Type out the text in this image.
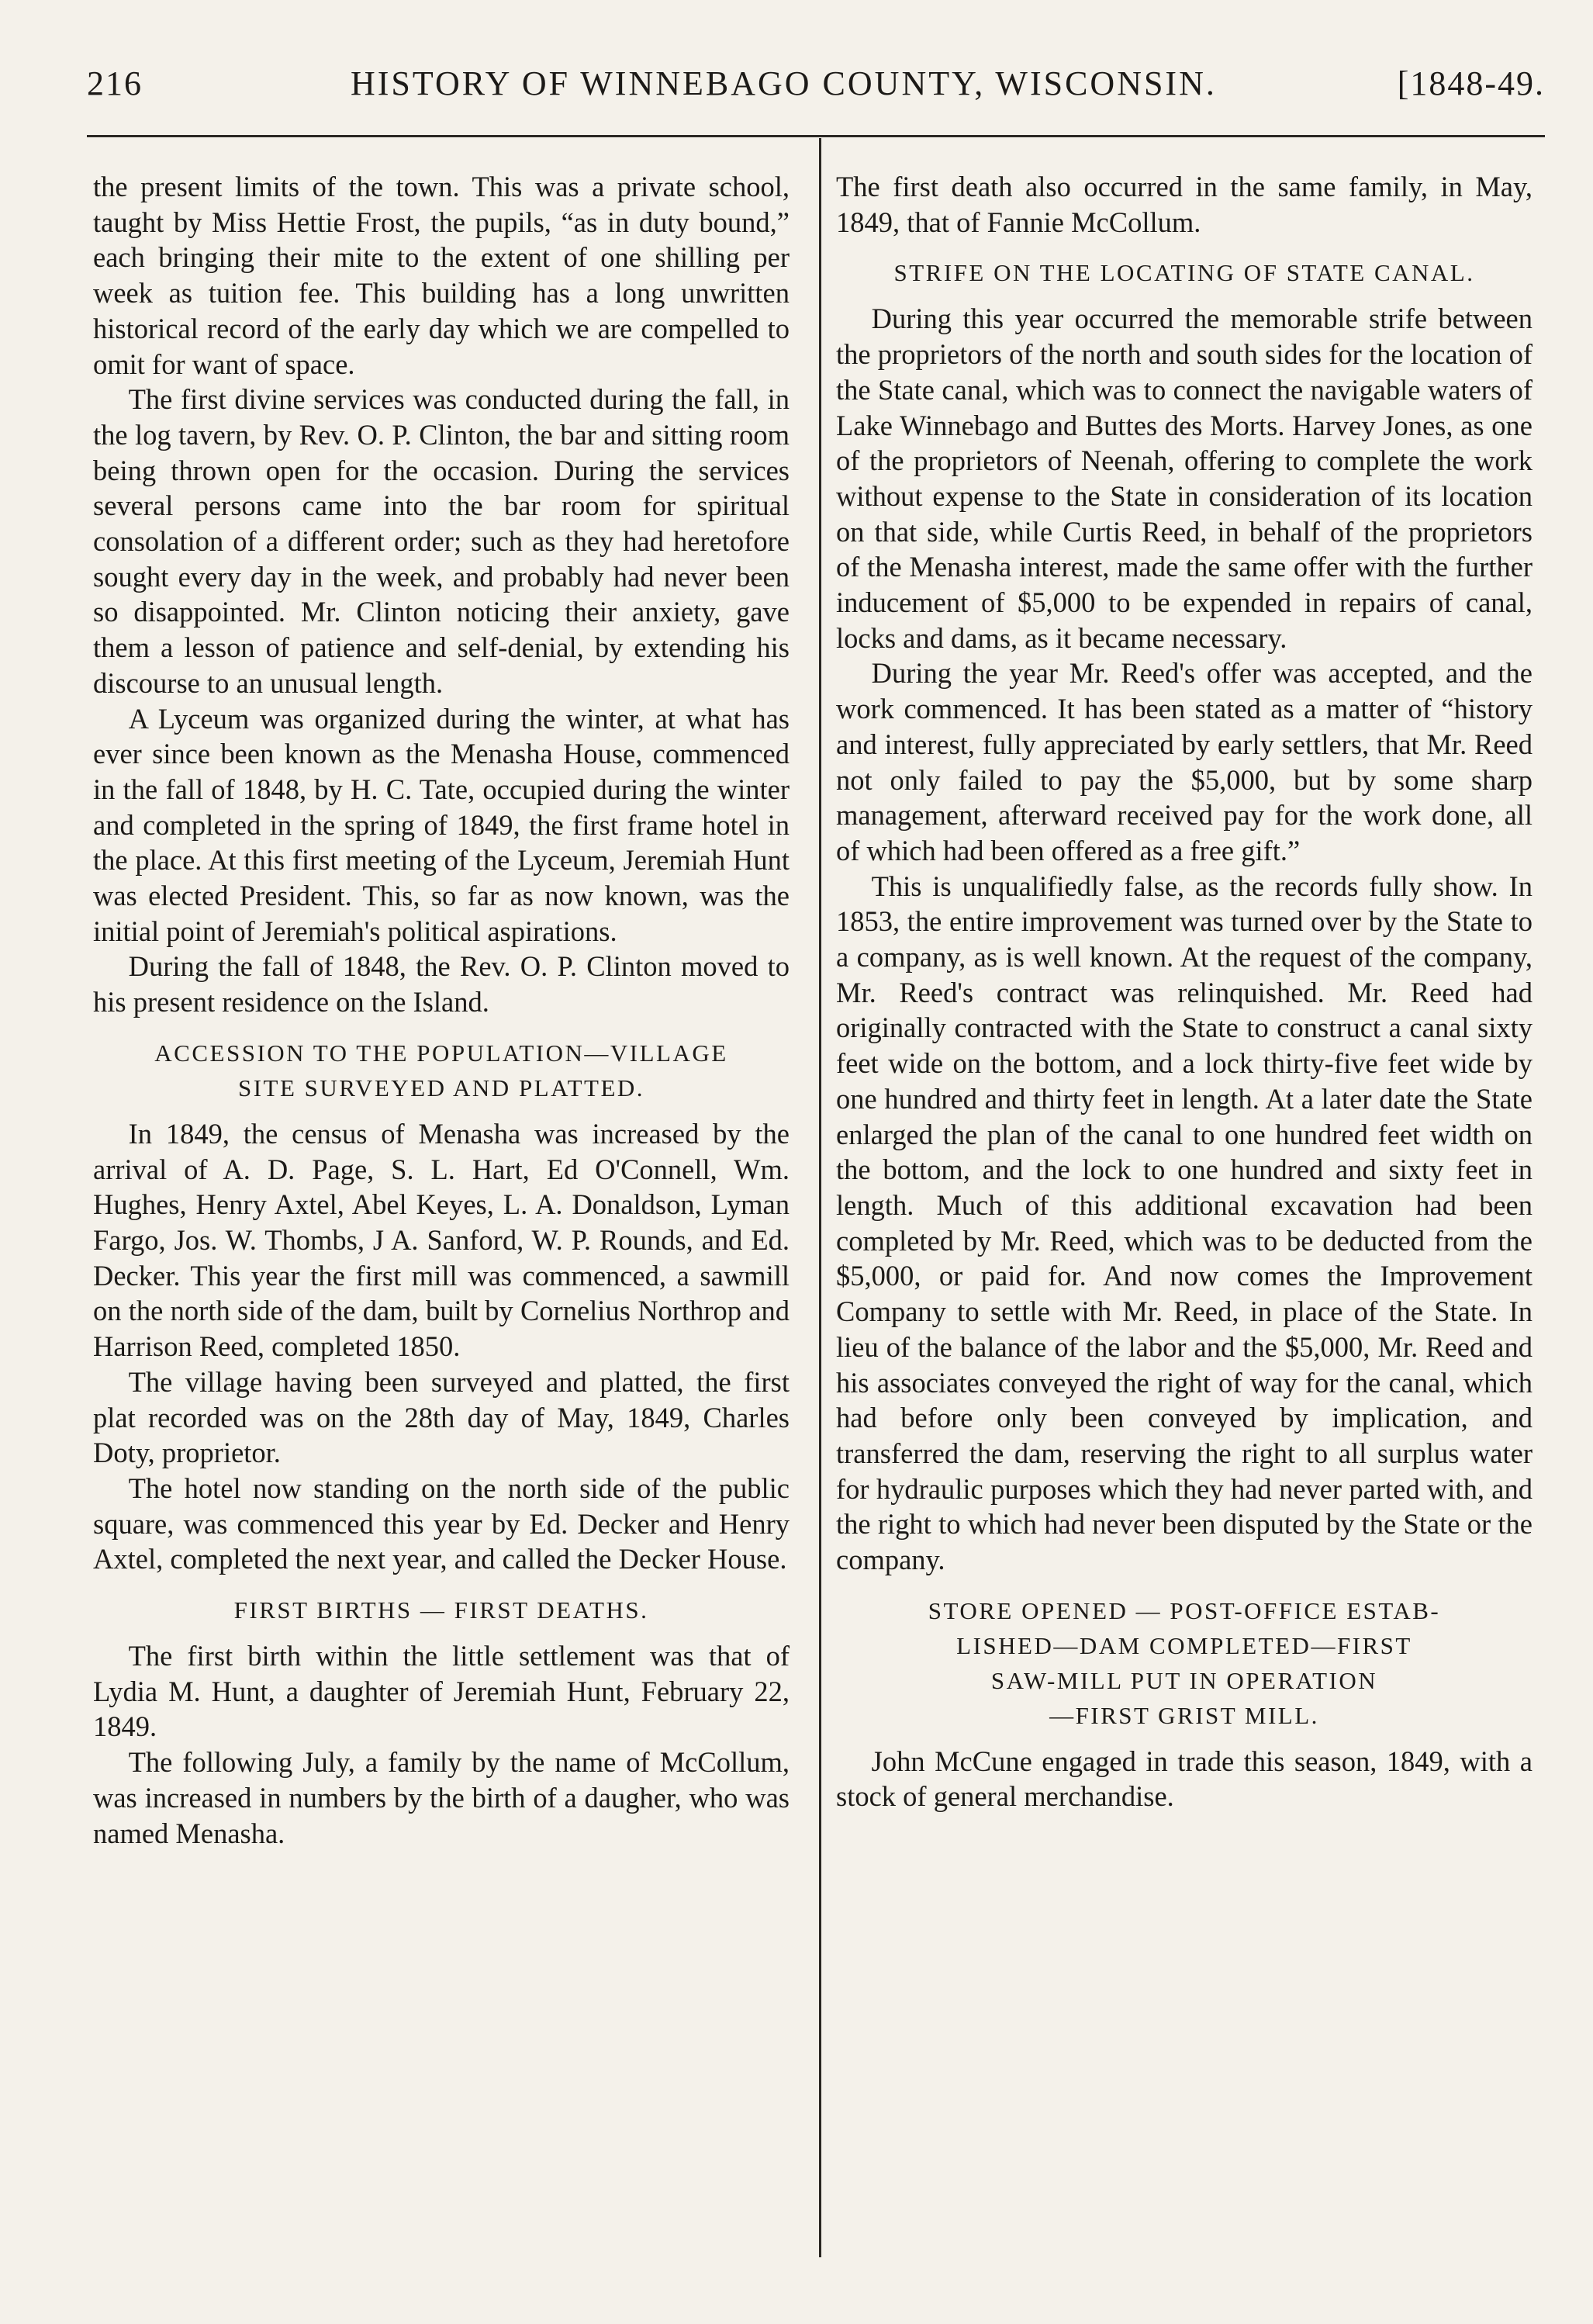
216	HISTORY OF WINNEBAGO COUNTY, WISCONSIN.	[1848-49.

the present limits of the town. This was a private school, taught by Miss Hettie Frost, the pupils, “as in duty bound,” each bringing their mite to the extent of one shilling per week as tuition fee. This building has a long unwritten historical record of the early day which we are compelled to omit for want of space.

The first divine services was conducted during the fall, in the log tavern, by Rev. O. P. Clinton, the bar and sitting room being thrown open for the occasion. During the services several persons came into the bar room for spiritual consolation of a different order; such as they had heretofore sought every day in the week, and probably had never been so disappointed. Mr. Clinton noticing their anxiety, gave them a lesson of patience and self-denial, by extending his discourse to an unusual length.

A Lyceum was organized during the winter, at what has ever since been known as the Menasha House, commenced in the fall of 1848, by H. C. Tate, occupied during the winter and completed in the spring of 1849, the first frame hotel in the place. At this first meeting of the Lyceum, Jeremiah Hunt was elected President. This, so far as now known, was the initial point of Jeremiah's political aspirations.

During the fall of 1848, the Rev. O. P. Clinton moved to his present residence on the Island.

ACCESSION TO THE POPULATION—VILLAGE
SITE SURVEYED AND PLATTED.

In 1849, the census of Menasha was increased by the arrival of A. D. Page, S. L. Hart, Ed O'Connell, Wm. Hughes, Henry Axtel, Abel Keyes, L. A. Donaldson, Lyman Fargo, Jos. W. Thombs, J A. Sanford, W. P. Rounds, and Ed. Decker. This year the first mill was commenced, a sawmill on the north side of the dam, built by Cornelius Northrop and Harrison Reed, completed 1850.

The village having been surveyed and platted, the first plat recorded was on the 28th day of May, 1849, Charles Doty, proprietor.

The hotel now standing on the north side of the public square, was commenced this year by Ed. Decker and Henry Axtel, completed the next year, and called the Decker House.

FIRST BIRTHS — FIRST DEATHS.

The first birth within the little settlement was that of Lydia M. Hunt, a daughter of Jeremiah Hunt, February 22, 1849.

The following July, a family by the name of McCollum, was increased in numbers by the birth of a daugher, who was named Menasha.

The first death also occurred in the same family, in May, 1849, that of Fannie McCollum.

STRIFE ON THE LOCATING OF STATE CANAL.

During this year occurred the memorable strife between the proprietors of the north and south sides for the location of the State canal, which was to connect the navigable waters of Lake Winnebago and Buttes des Morts. Harvey Jones, as one of the proprietors of Neenah, offering to complete the work without expense to the State in consideration of its location on that side, while Curtis Reed, in behalf of the proprietors of the Menasha interest, made the same offer with the further inducement of $5,000 to be expended in repairs of canal, locks and dams, as it became necessary.

During the year Mr. Reed's offer was accepted, and the work commenced. It has been stated as a matter of “history and interest, fully appreciated by early settlers, that Mr. Reed not only failed to pay the $5,000, but by some sharp management, afterward received pay for the work done, all of which had been offered as a free gift.”

This is unqualifiedly false, as the records fully show. In 1853, the entire improvement was turned over by the State to a company, as is well known. At the request of the company, Mr. Reed's contract was relinquished. Mr. Reed had originally contracted with the State to construct a canal sixty feet wide on the bottom, and a lock thirty-five feet wide by one hundred and thirty feet in length. At a later date the State enlarged the plan of the canal to one hundred feet width on the bottom, and the lock to one hundred and sixty feet in length. Much of this additional excavation had been completed by Mr. Reed, which was to be deducted from the $5,000, or paid for. And now comes the Improvement Company to settle with Mr. Reed, in place of the State. In lieu of the balance of the labor and the $5,000, Mr. Reed and his associates conveyed the right of way for the canal, which had before only been conveyed by implication, and transferred the dam, reserving the right to all surplus water for hydraulic purposes which they had never parted with, and the right to which had never been disputed by the State or the company.

STORE OPENED — POST-OFFICE ESTAB-
LISHED—DAM COMPLETED—FIRST
SAW-MILL PUT IN OPERATION
—FIRST GRIST MILL.

John McCune engaged in trade this season, 1849, with a stock of general merchandise.
